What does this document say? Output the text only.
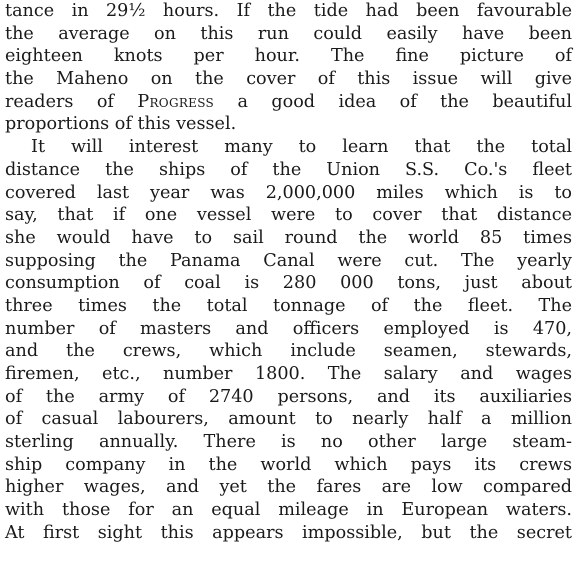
tance in 29½ hours. If the tide had been favourable
the average on this run could easily have been
eighteen knots per hour. The fine picture of
the Maheno on the cover of this issue will give
readers of Progress a good idea of the beautiful
proportions of this vessel.
It will interest many to learn that the total
distance the ships of the Union S.S. Co.'s fleet
covered last year was 2,000,000 miles which is to
say, that if one vessel were to cover that distance
she would have to sail round the world 85 times
supposing the Panama Canal were cut. The yearly
consumption of coal is 280 000 tons, just about
three times the total tonnage of the fleet. The
number of masters and officers employed is 470,
and the crews, which include seamen, stewards,
firemen, etc., number 1800. The salary and wages
of the army of 2740 persons, and its auxiliaries
of casual labourers, amount to nearly half a million
sterling annually. There is no other large steam-
ship company in the world which pays its crews
higher wages, and yet the fares are low compared
with those for an equal mileage in European waters.
At first sight this appears impossible, but the secret
